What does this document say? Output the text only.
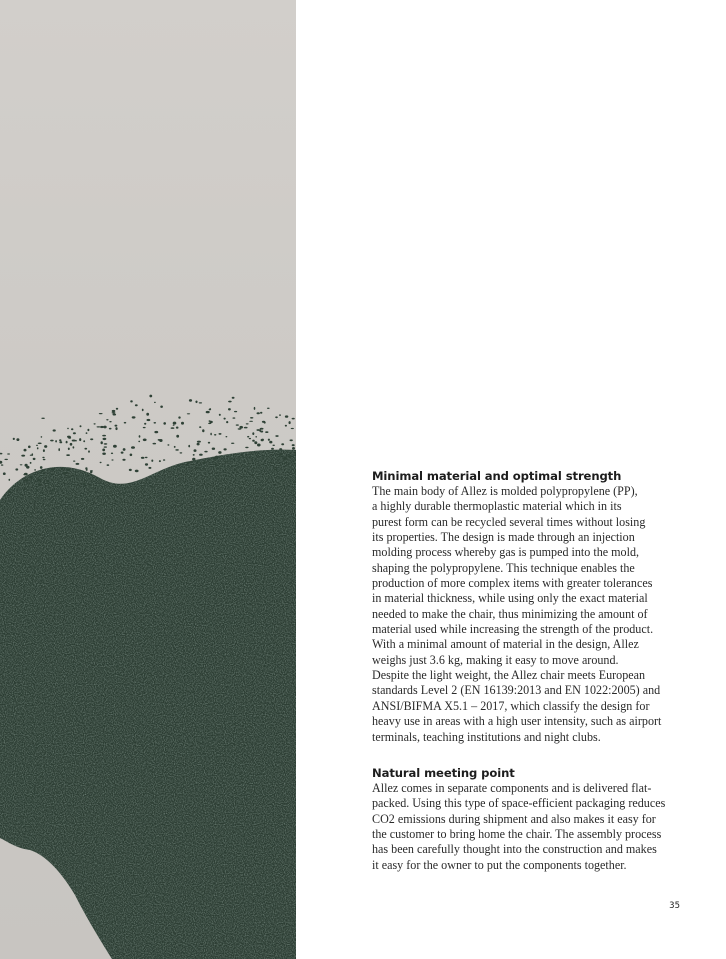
Minimal material and optimal strength

The main body of Allez is molded polypropylene (PP),
a highly durable thermoplastic material which in its
purest form can be recycled several times without losing
its properties. The design is made through an injection
molding process whereby gas is pumped into the mold,
shaping the polypropylene. This technique enables the
production of more complex items with greater tolerances
in material thickness, while using only the exact material
needed to make the chair, thus minimizing the amount of
material used while increasing the strength of the product.
With a minimal amount of material in the design, Allez
weighs just 3.6 kg, making it easy to move around.
Despite the light weight, the Allez chair meets European
standards Level 2 (EN 16139:2013 and EN 1022:2005) and
ANSI/BIFMA X5.1 – 2017, which classify the design for
heavy use in areas with a high user intensity, such as airport
terminals, teaching institutions and night clubs.

Natural meeting point

Allez comes in separate components and is delivered flat-
packed. Using this type of space-efficient packaging reduces
CO2 emissions during shipment and also makes it easy for
the customer to bring home the chair. The assembly process
has been carefully thought into the construction and makes
it easy for the owner to put the components together.

35
